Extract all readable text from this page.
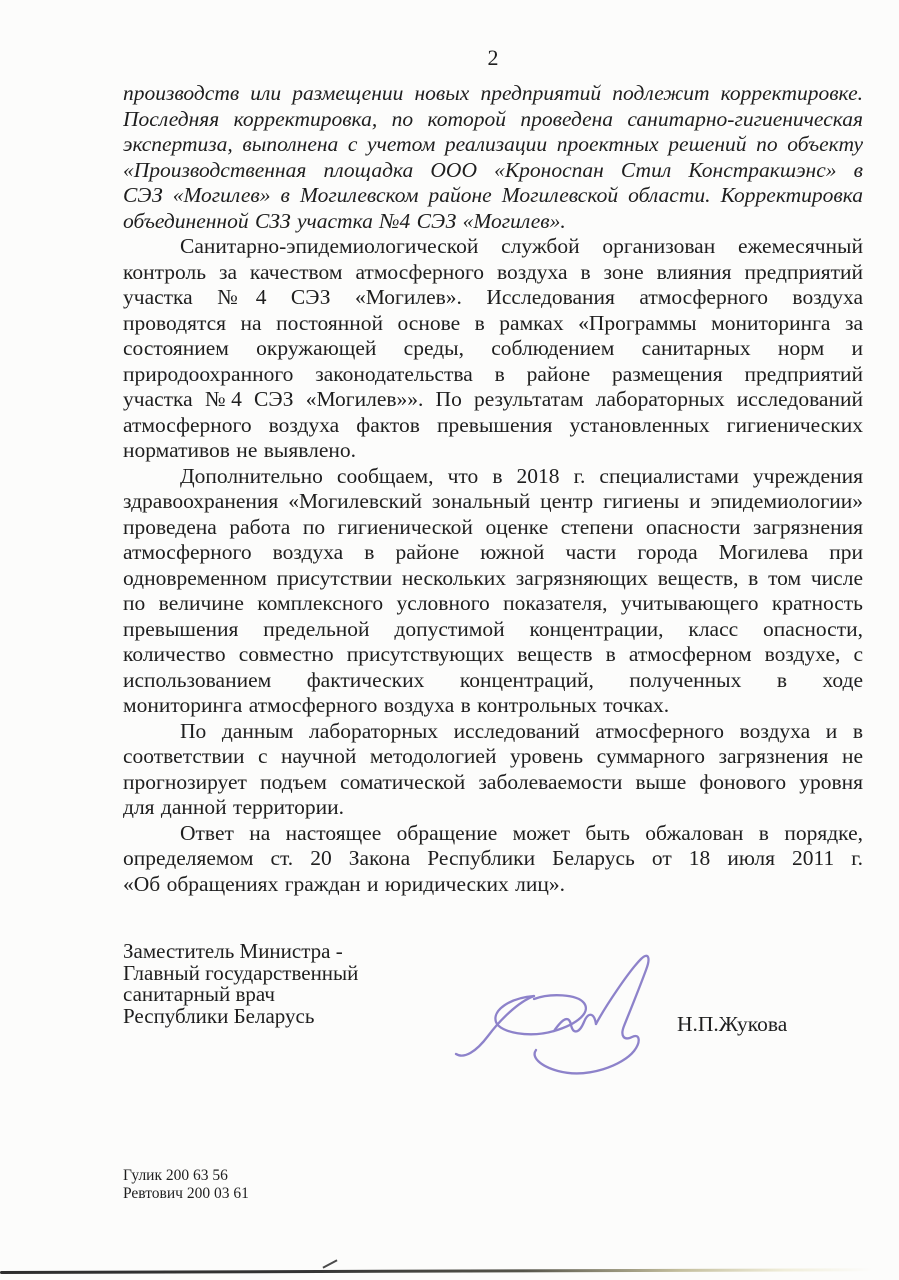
2
производств или размещении новых предприятий подлежит корректировке.
Последняя корректировка, по которой проведена санитарно-гигиеническая
экспертиза, выполнена с учетом реализации проектных решений по объекту
«Производственная площадка ООО «Кроноспан Стил Констракшэнс» в
СЭЗ «Могилев» в Могилевском районе Могилевской области. Корректировка
объединенной СЗЗ участка №4 СЭЗ «Могилев».
Санитарно-эпидемиологической службой организован ежемесячный
контроль за качеством атмосферного воздуха в зоне влияния предприятий
участка №4 СЭЗ «Могилев». Исследования атмосферного воздуха
проводятся на постоянной основе в рамках «Программы мониторинга за
состоянием окружающей среды, соблюдением санитарных норм и
природоохранного законодательства в районе размещения предприятий
участка №4 СЭЗ «Могилев»». По результатам лабораторных исследований
атмосферного воздуха фактов превышения установленных гигиенических
нормативов не выявлено.
Дополнительно сообщаем, что в 2018 г. специалистами учреждения
здравоохранения «Могилевский зональный центр гигиены и эпидемиологии»
проведена работа по гигиенической оценке степени опасности загрязнения
атмосферного воздуха в районе южной части города Могилева при
одновременном присутствии нескольких загрязняющих веществ, в том числе
по величине комплексного условного показателя, учитывающего кратность
превышения предельной допустимой концентрации, класс опасности,
количество совместно присутствующих веществ в атмосферном воздухе, с
использованием фактических концентраций, полученных в ходе
мониторинга атмосферного воздуха в контрольных точках.
По данным лабораторных исследований атмосферного воздуха и в
соответствии с научной методологией уровень суммарного загрязнения не
прогнозирует подъем соматической заболеваемости выше фонового уровня
для данной территории.
Ответ на настоящее обращение может быть обжалован в порядке,
определяемом ст. 20 Закона Республики Беларусь от 18 июля 2011 г.
«Об обращениях граждан и юридических лиц».
Заместитель Министра -
Главный государственный
санитарный врач
Республики Беларусь	Н.П.Жукова
Гулик 200 63 56
Ревтович 200 03 61
